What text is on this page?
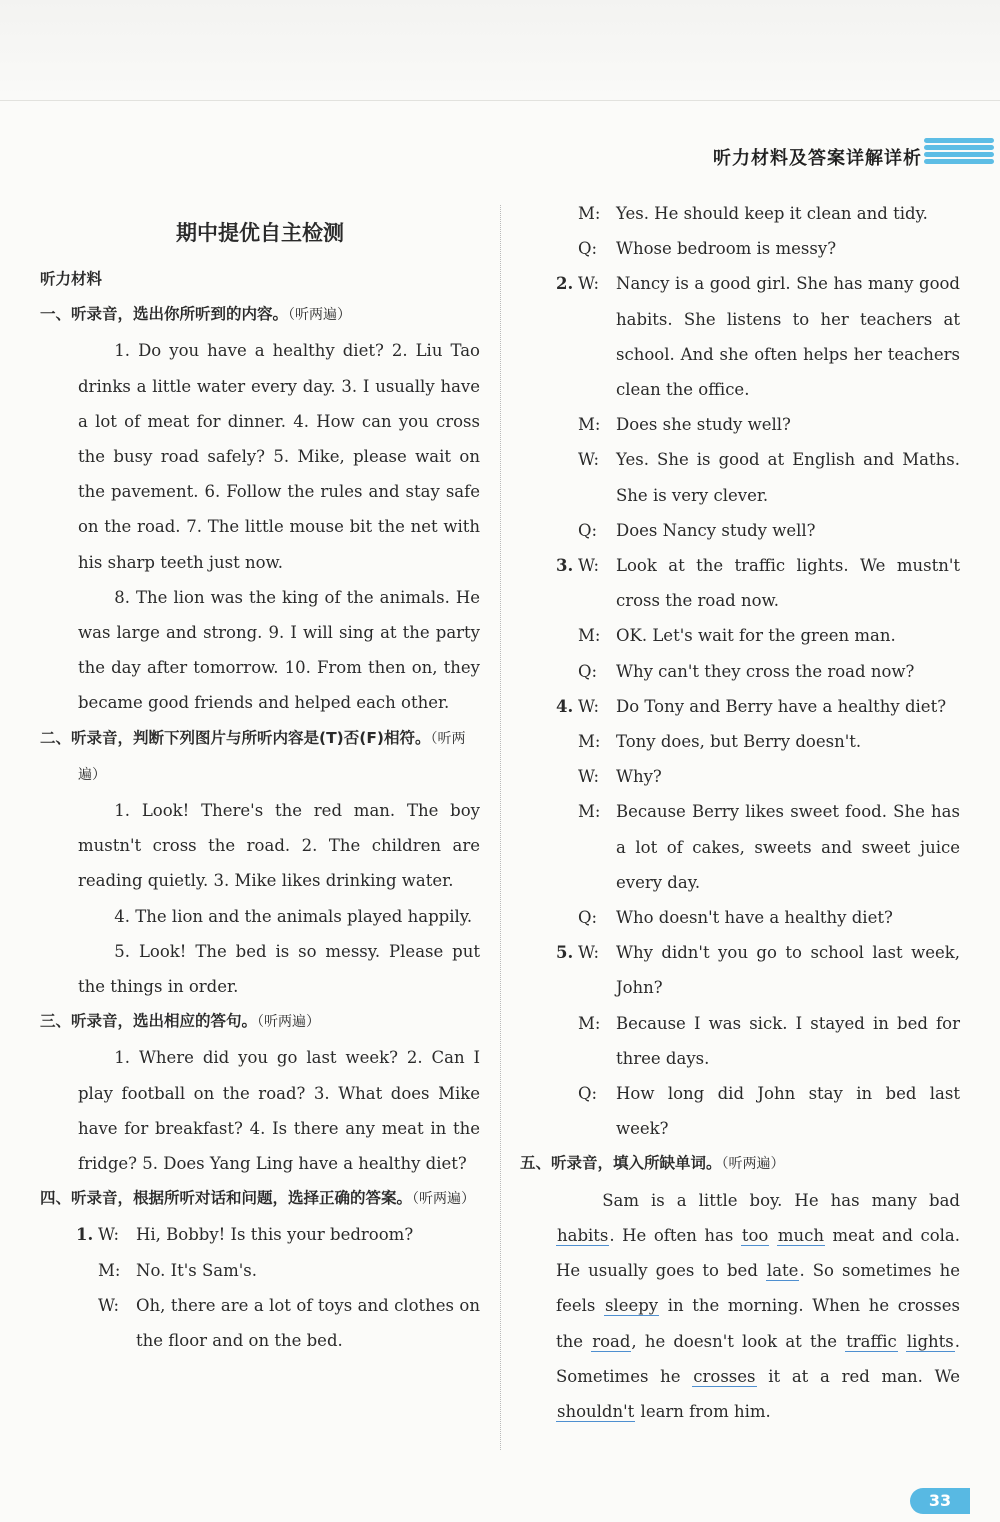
听力材料及答案详解详析
期中提优自主检测
听力材料
一、听录音，选出你所听到的内容。（听两遍）
1. Do you have a healthy diet? 2. Liu Tao drinks a little water every day. 3. I usually have a lot of meat for dinner. 4. How can you cross the busy road safely? 5. Mike, please wait on the pavement. 6. Follow the rules and stay safe on the road. 7. The little mouse bit the net with his sharp teeth just now.
8. The lion was the king of the animals. He was large and strong. 9. I will sing at the party the day after tomorrow. 10. From then on, they became good friends and helped each other.
二、听录音，判断下列图片与所听内容是(T)否(F)相符。（听两遍）
1. Look! There's the red man. The boy mustn't cross the road. 2. The children are reading quietly. 3. Mike likes drinking water.
4. The lion and the animals played happily.
5. Look! The bed is so messy. Please put the things in order.
三、听录音，选出相应的答句。（听两遍）
1. Where did you go last week? 2. Can I play football on the road? 3. What does Mike have for breakfast? 4. Is there any meat in the fridge? 5. Does Yang Ling have a healthy diet?
四、听录音，根据所听对话和问题，选择正确的答案。（听两遍）
1. W: Hi, Bobby! Is this your bedroom?
M: No. It's Sam's.
W: Oh, there are a lot of toys and clothes on the floor and on the bed.
M: Yes. He should keep it clean and tidy.
Q: Whose bedroom is messy?
2. W: Nancy is a good girl. She has many good habits. She listens to her teachers at school. And she often helps her teachers clean the office.
M: Does she study well?
W: Yes. She is good at English and Maths. She is very clever.
Q: Does Nancy study well?
3. W: Look at the traffic lights. We mustn't cross the road now.
M: OK. Let's wait for the green man.
Q: Why can't they cross the road now?
4. W: Do Tony and Berry have a healthy diet?
M: Tony does, but Berry doesn't.
W: Why?
M: Because Berry likes sweet food. She has a lot of cakes, sweets and sweet juice every day.
Q: Who doesn't have a healthy diet?
5. W: Why didn't you go to school last week, John?
M: Because I was sick. I stayed in bed for three days.
Q: How long did John stay in bed last week?
五、听录音，填入所缺单词。（听两遍）

Sam is a little boy. He has many bad habits. He often has too much meat and cola. He usually goes to bed late. So sometimes he feels sleepy in the morning. When he crosses the road, he doesn't look at the traffic lights. Sometimes he crosses it at a red man. We shouldn't learn from him.

33
